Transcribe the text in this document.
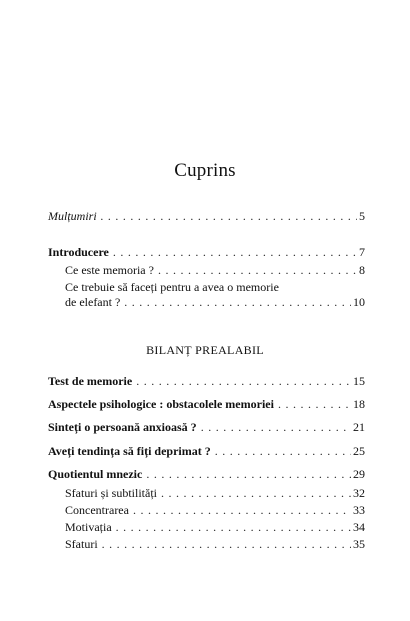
Cuprins
Mulțumiri . . .	5
Introducere . . .	7
Ce este memoria ? . . .	8
Ce trebuie să faceți pentru a avea o memorie
de elefant ? . . .	10
BILANȚ PREALABIL
Test de memorie . . .	15
Aspectele psihologice : obstacolele memoriei . . .	18
Sinteți o persoană anxioasă ? . . .	21
Aveți tendința să fiți deprimat ? . . .	25
Quotientul mnezic . . .	29
Sfaturi și subtilități . . .	32
Concentrarea . . .	33
Motivația . . .	34
Sfaturi . . .	35
